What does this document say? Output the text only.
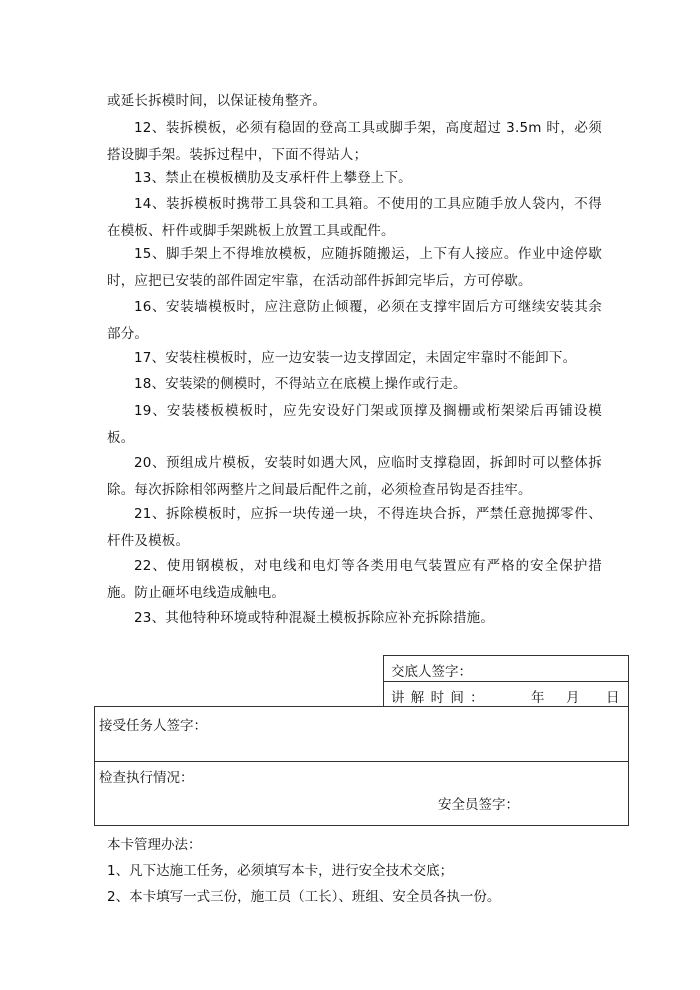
或延长拆模时间，以保证棱角整齐。
12、装拆模板，必须有稳固的登高工具或脚手架，高度超过 3.5m 时，必须搭设脚手架。装拆过程中，下面不得站人；
13、禁止在模板横肋及支承杆件上攀登上下。
14、装拆模板时携带工具袋和工具箱。不使用的工具应随手放人袋内，不得在模板、杆件或脚手架跳板上放置工具或配件。
15、脚手架上不得堆放模板，应随拆随搬运，上下有人接应。作业中途停歇时，应把已安装的部件固定牢靠，在活动部件拆卸完毕后，方可停歇。
16、安装墙模板时，应注意防止倾覆，必须在支撑牢固后方可继续安装其余部分。
17、安装柱模板时，应一边安装一边支撑固定，未固定牢靠时不能卸下。
18、安装梁的侧模时，不得站立在底模上操作或行走。
19、安装楼板模板时，应先安设好门架或顶撑及搁栅或桁架梁后再铺设模板。
20、预组成片模板，安装时如遇大风，应临时支撑稳固，拆卸时可以整体拆除。每次拆除相邻两整片之间最后配件之前，必须检查吊钩是否挂牢。
21、拆除模板时，应拆一块传递一块，不得连块合拆，严禁任意抛掷零件、杆件及模板。
22、使用钢模板，对电线和电灯等各类用电气装置应有严格的安全保护措施。防止砸坏电线造成触电。
23、其他特种环境或特种混凝土模板拆除应补充拆除措施。
交底人签字：
讲 解 时 间 ：	年 月 日
接受任务人签字：
检查执行情况：
安全员签字：
本卡管理办法：
1、凡下达施工任务，必须填写本卡，进行安全技术交底；
2、本卡填写一式三份，施工员（工长）、班组、安全员各执一份。
